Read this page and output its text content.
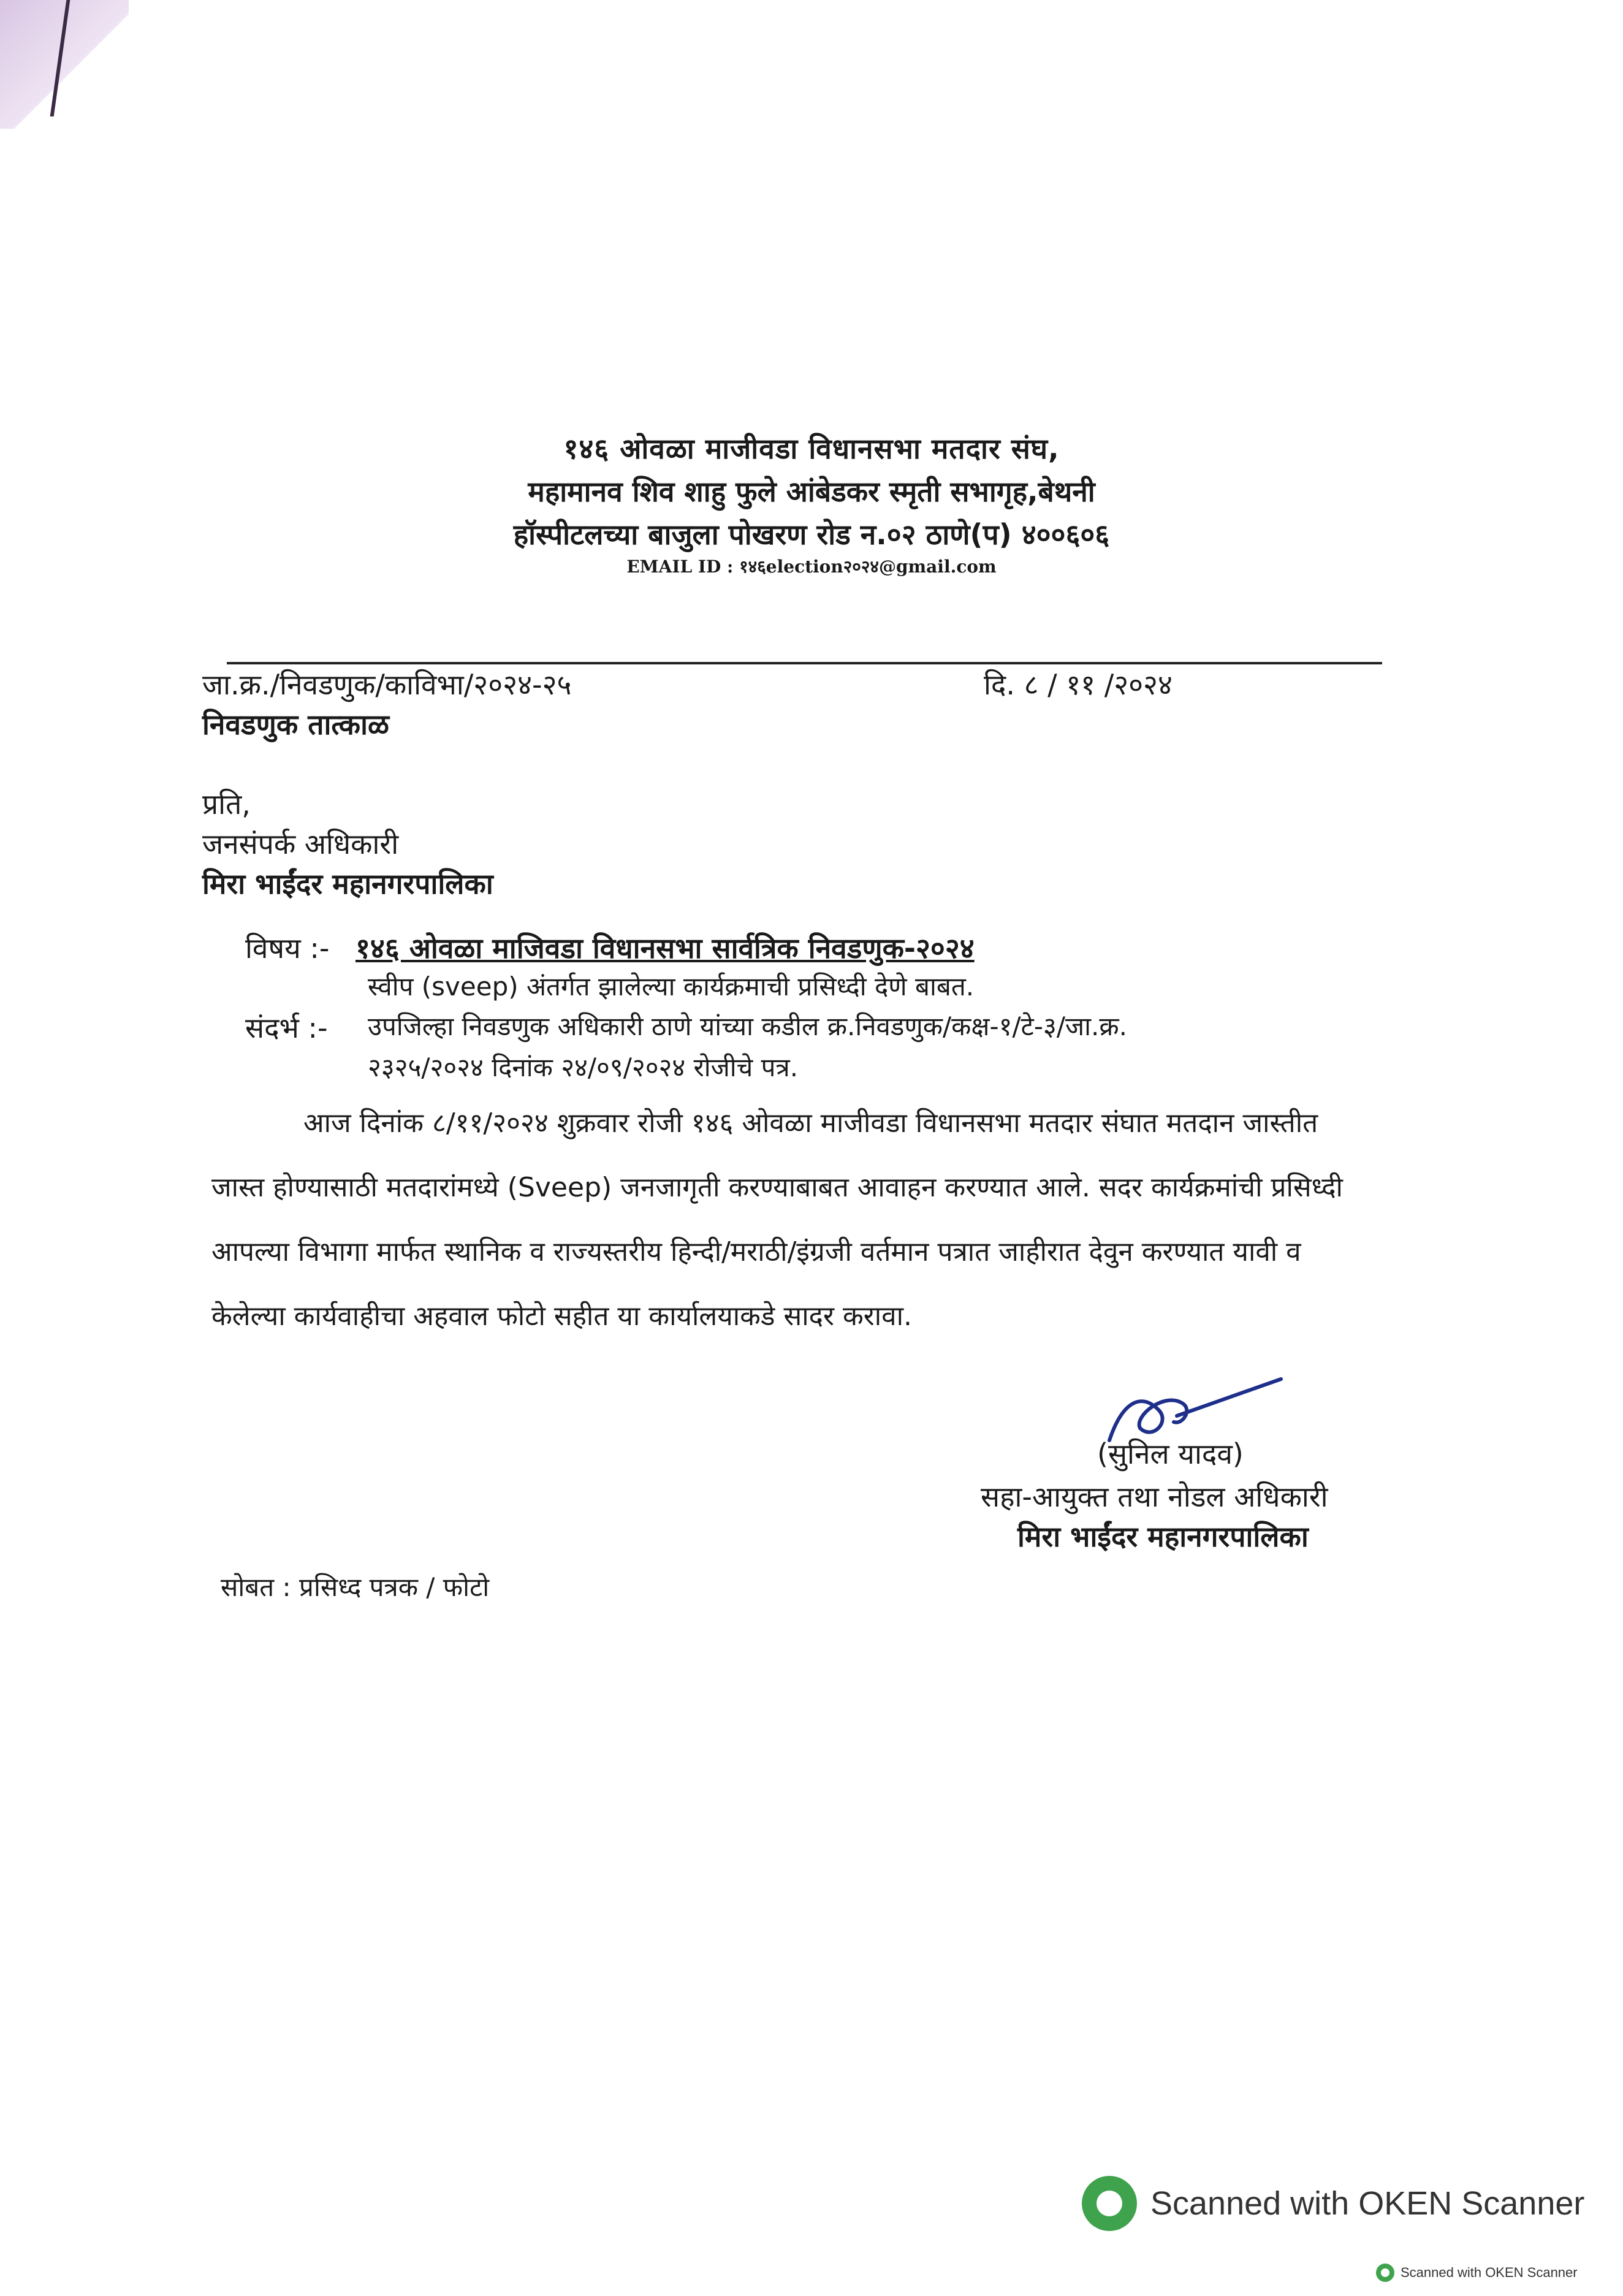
१४६ ओवळा माजीवडा विधानसभा मतदार संघ,
महामानव शिव शाहु फुले आंबेडकर स्मृती सभागृह,बेथनी
हॉस्पीटलच्या बाजुला पोखरण रोड न.०२ ठाणे(प) ४००६०६
EMAIL ID : १४६election२०२४@gmail.com
जा.क्र./निवडणुक/काविभा/२०२४-२५	दि. ८ / ११ /२०२४
निवडणुक तात्काळ
प्रति,
जनसंपर्क अधिकारी
मिरा भाईंदर महानगरपालिका
विषय :- १४६ ओवळा माजिवडा विधानसभा सार्वत्रिक निवडणुक-२०२४
स्वीप (sveep) अंतर्गत झालेल्या कार्यक्रमाची प्रसिध्दी देणे बाबत.
संदर्भ :- उपजिल्हा निवडणुक अधिकारी ठाणे यांच्या कडील क्र.निवडणुक/कक्ष-१/टे-३/जा.क्र.
२३२५/२०२४ दिनांक २४/०९/२०२४ रोजीचे पत्र.
आज दिनांक ८/११/२०२४ शुक्रवार रोजी १४६ ओवळा माजीवडा विधानसभा मतदार संघात मतदान जास्तीत
जास्त होण्यासाठी मतदारांमध्ये (Sveep) जनजागृती करण्याबाबत आवाहन करण्यात आले. सदर कार्यक्रमांची प्रसिध्दी
आपल्या विभागा मार्फत स्थानिक व राज्यस्तरीय हिन्दी/मराठी/इंग्रजी वर्तमान पत्रात जाहीरात देवुन करण्यात यावी व
केलेल्या कार्यवाहीचा अहवाल फोटो सहीत या कार्यालयाकडे सादर करावा.
(सुनिल यादव)
सहा-आयुक्त तथा नोडल अधिकारी
मिरा भाईंदर महानगरपालिका
सोबत : प्रसिध्द पत्रक / फोटो
Scanned with OKEN Scanner
Scanned with OKEN Scanner
